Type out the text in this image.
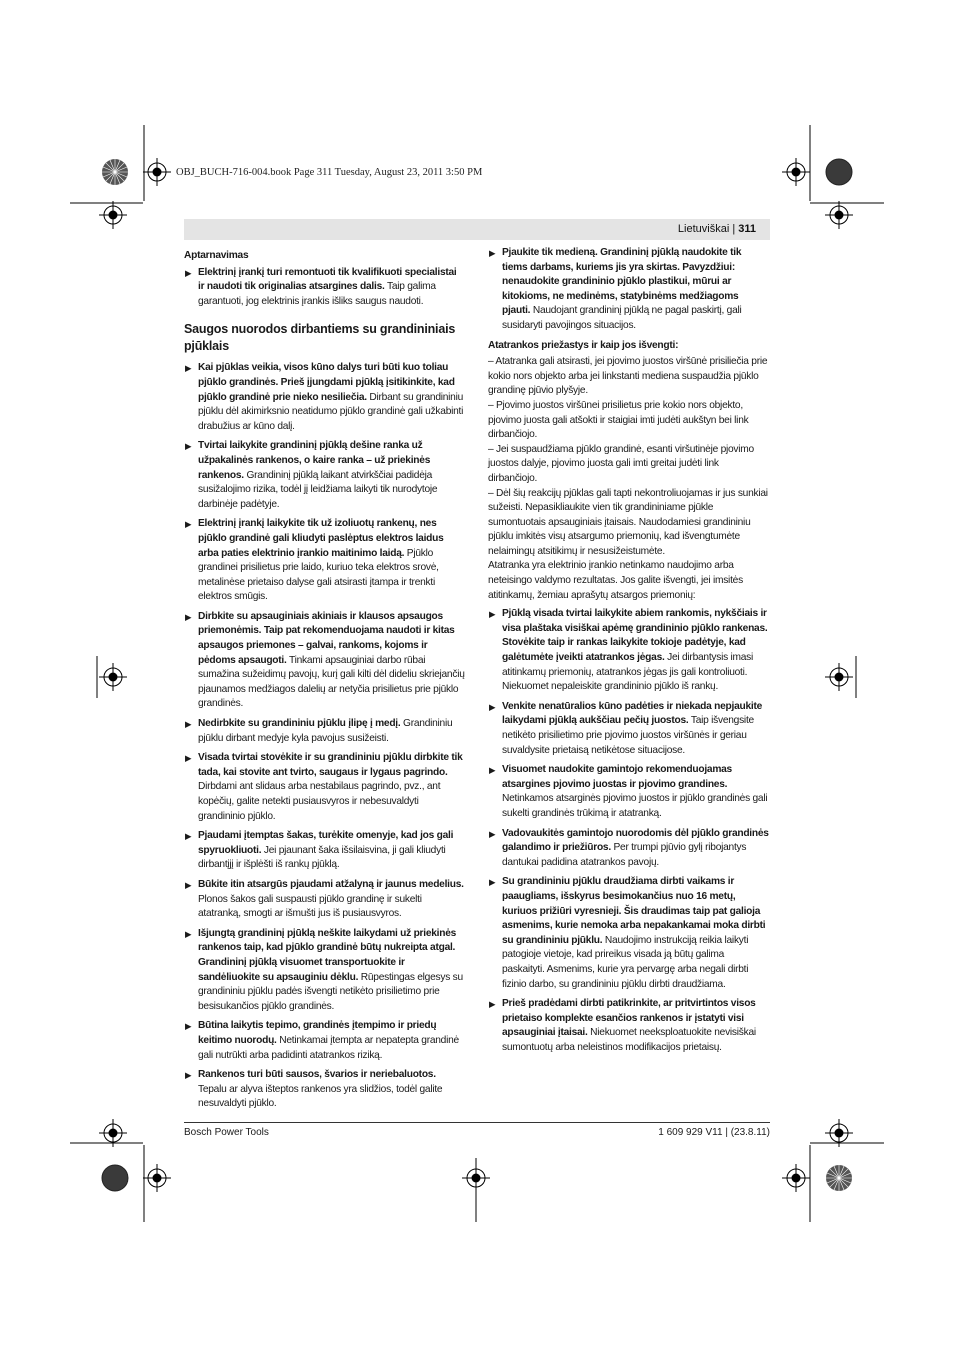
OBJ_BUCH-716-004.book Page 311 Tuesday, August 23, 2011 3:50 PM
Lietuviškai | 311
Aptarnavimas
▶ Elektrinį įrankį turi remontuoti tik kvalifikuoti specialistai ir naudoti tik originalias atsargines dalis. Taip galima garantuoti, jog elektrinis įrankis išliks saugus naudoti.
Saugos nuorodos dirbantiems su grandininiais pjūklais
▶ Kai pjūklas veikia, visos kūno dalys turi būti kuo toliau pjūklo grandinės. Prieš įjungdami pjūklą įsitikinkite, kad pjūklo grandinė prie nieko nesiliečia. Dirbant su grandininiu pjūklu dėl akimirksnio neatidumo pjūklo grandinė gali užkabinti drabužius ar kūno dalį.
▶ Tvirtai laikykite grandininį pjūklą dešine ranka už užpakalinės rankenos, o kaire ranka – už priekinės rankenos. Grandininį pjūklą laikant atvirkščiai padidėja susižalojimo rizika, todėl jį leidžiama laikyti tik nurodytoje darbinėje padėtyje.
▶ Elektrinį įrankį laikykite tik už izoliuotų rankenų, nes pjūklo grandinė gali kliudyti paslėptus elektros laidus arba paties elektrinio įrankio maitinimo laidą. Pjūklo grandinei prisilietus prie laido, kuriuo teka elektros srovė, metalinėse prietaiso dalyse gali atsirasti įtampa ir trenkti elektros smūgis.
▶ Dirbkite su apsauginiais akiniais ir klausos apsaugos priemonėmis. Taip pat rekomenduojama naudoti ir kitas apsaugos priemones – galvai, rankoms, kojoms ir pėdoms apsaugoti. Tinkami apsauginiai darbo rūbai sumažina sužeidimų pavojų, kurį gali kilti dėl dideliu skriejančių pjaunamos medžiagos dalelių ar netyčia prisilietus prie pjūklo grandinės.
▶ Nedirbkite su grandininiu pjūklu įlipę į medį. Grandininiu pjūklu dirbant medyje kyla pavojus susižeisti.
▶ Visada tvirtai stovėkite ir su grandininiu pjūklu dirbkite tik tada, kai stovite ant tvirto, saugaus ir lygaus pagrindo. Dirbdami ant slidaus arba nestabilaus pagrindo, pvz., ant kopėčių, galite netekti pusiausvyros ir nebesuvaldyti grandininio pjūklo.
▶ Pjaudami įtemptas šakas, turėkite omenyje, kad jos gali spyruokliuoti. Jei pjaunant šaka išsilaisvina, ji gali kliudyti dirbantįjį ir išplėšti iš rankų pjūklą.
▶ Būkite itin atsargūs pjaudami atžalyną ir jaunus medelius. Plonos šakos gali suspausti pjūklo grandinę ir sukelti atatranką, smogti ar išmušti jus iš pusiausvyros.
▶ Išjungtą grandininį pjūklą neškite laikydami už priekinės rankenos taip, kad pjūklo grandinė būtų nukreipta atgal. Grandininį pjūklą visuomet transportuokite ir sandėliuokite su apsauginiu dėklu. Rūpestingas elgesys su grandininiu pjūklu padės išvengti netikėto prisilietimo prie besisukančios pjūklo grandinės.
▶ Būtina laikytis tepimo, grandinės įtempimo ir priedų keitimo nuorodų. Netinkamai įtempta ar nepatepta grandinė gali nutrūkti arba padidinti atatrankos riziką.
▶ Rankenos turi būti sausos, švarios ir neriebaluotos. Tepalu ar alyva išteptos rankenos yra slidžios, todėl galite nesuvaldyti pjūklo.
▶ Pjaukite tik medieną. Grandininį pjūklą naudokite tik tiems darbams, kuriems jis yra skirtas. Pavyzdžiui: nenaudokite grandininio pjūklo plastikui, mūrui ar kitokioms, ne medinėms, statybinėms medžiagoms pjauti. Naudojant grandininį pjūklą ne pagal paskirtį, gali susidaryti pavojingos situacijos.
Atatrankos priežastys ir kaip jos išvengti:
– Atatranka gali atsirasti, jei pjovimo juostos viršūnė prisiliečia prie kokio nors objekto arba jei linkstanti mediena suspaudžia pjūklo grandinę pjūvio plyšyje.
– Pjovimo juostos viršūnei prisilietus prie kokio nors objekto, pjovimo juosta gali atšokti ir staigiai imti judėti aukštyn bei link dirbančiojo.
– Jei suspaudžiama pjūklo grandinė, esanti viršutinėje pjovimo juostos dalyje, pjovimo juosta gali imti greitai judėti link dirbančiojo.
– Dėl šių reakcijų pjūklas gali tapti nekontroliuojamas ir jus sunkiai sužeisti. Nepasikliaukite vien tik grandininiame pjūkle sumontuotais apsauginiais įtaisais. Naudodamiesi grandininiu pjūklu imkitės visų atsargumo priemonių, kad išvengtumėte nelaimingų atsitikimų ir nesusižeistumėte.
Atatranka yra elektrinio įrankio netinkamo naudojimo arba neteisingo valdymo rezultatas. Jos galite išvengti, jei imsitės atitinkamų, žemiau aprašytų atsargos priemonių:
▶ Pjūklą visada tvirtai laikykite abiem rankomis, nykščiais ir visa plaštaka visiškai apėmę grandininio pjūklo rankenas. Stovėkite taip ir rankas laikykite tokioje padėtyje, kad galėtumėte įveikti atatrankos jėgas. Jei dirbantysis imasi atitinkamų priemonių, atatrankos jėgas jis gali kontroliuoti. Niekuomet nepaleiskite grandininio pjūklo iš rankų.
▶ Venkite nenatūralios kūno padėties ir niekada nepjaukite laikydami pjūklą aukščiau pečių juostos. Taip išvengsite netikėto prisilietimo prie pjovimo juostos viršūnės ir geriau suvaldysite prietaisą netikėtose situacijose.
▶ Visuomet naudokite gamintojo rekomenduojamas atsargines pjovimo juostas ir pjovimo grandines. Netinkamos atsarginės pjovimo juostos ir pjūklo grandinės gali sukelti grandinės trūkimą ir atatranką.
▶ Vadovaukitės gamintojo nuorodomis dėl pjūklo grandinės galandimo ir priežiūros. Per trumpi pjūvio gylį ribojantys dantukai padidina atatrankos pavojų.
▶ Su grandininiu pjūklu draudžiama dirbti vaikams ir paaugliams, išskyrus besimokančius nuo 16 metų, kuriuos prižiūri vyresnieji. Šis draudimas taip pat galioja asmenims, kurie nemoka arba nepakankamai moka dirbti su grandininiu pjūklu. Naudojimo instrukciją reikia laikyti patogioje vietoje, kad prireikus visada ją būtų galima paskaityti. Asmenims, kurie yra pervargę arba negali dirbti fizinio darbo, su grandininiu pjūklu dirbti draudžiama.
▶ Prieš pradėdami dirbti patikrinkite, ar pritvirtintos visos prietaiso komplekte esančios rankenos ir įstatyti visi apsauginiai įtaisai. Niekuomet neeksploatuokite nevisiškai sumontuotų arba neleistinos modifikacijos prietaisų.
Bosch Power Tools	1 609 929 V11 | (23.8.11)
